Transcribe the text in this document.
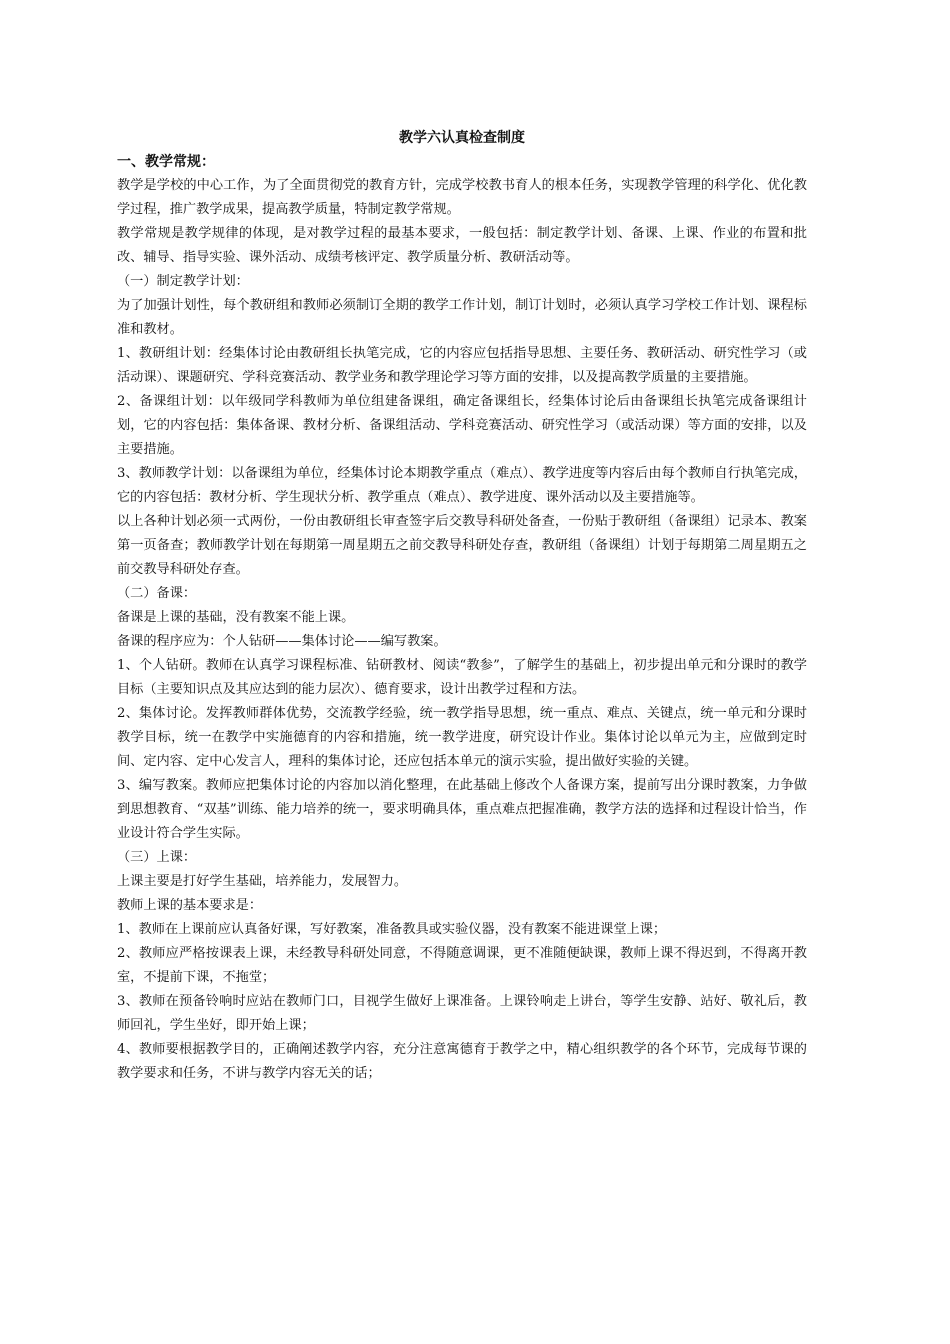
教学六认真检查制度
一、教学常规：

教学是学校的中心工作，为了全面贯彻党的教育方针，完成学校教书育人的根本任务，实现教学管理的科学化、优化教学过程，推广教学成果，提高教学质量，特制定教学常规。

教学常规是教学规律的体现，是对教学过程的最基本要求，一般包括：制定教学计划、备课、上课、作业的布置和批改、辅导、指导实验、课外活动、成绩考核评定、教学质量分析、教研活动等。

（一）制定教学计划：

为了加强计划性，每个教研组和教师必须制订全期的教学工作计划，制订计划时，必须认真学习学校工作计划、课程标准和教材。

1、教研组计划：经集体讨论由教研组长执笔完成，它的内容应包括指导思想、主要任务、教研活动、研究性学习（或活动课）、课题研究、学科竞赛活动、教学业务和教学理论学习等方面的安排，以及提高教学质量的主要措施。

2、备课组计划：以年级同学科教师为单位组建备课组，确定备课组长，经集体讨论后由备课组长执笔完成备课组计划，它的内容包括：集体备课、教材分析、备课组活动、学科竞赛活动、研究性学习（或活动课）等方面的安排，以及主要措施。

3、教师教学计划：以备课组为单位，经集体讨论本期教学重点（难点）、教学进度等内容后由每个教师自行执笔完成，它的内容包括：教材分析、学生现状分析、教学重点（难点）、教学进度、课外活动以及主要措施等。

以上各种计划必须一式两份，一份由教研组长审查签字后交教导科研处备查，一份贴于教研组（备课组）记录本、教案第一页备查；教师教学计划在每期第一周星期五之前交教导科研处存查，教研组（备课组）计划于每期第二周星期五之前交教导科研处存查。

（二）备课：

备课是上课的基础，没有教案不能上课。

备课的程序应为：个人钻研——集体讨论——编写教案。

1、个人钻研。教师在认真学习课程标准、钻研教材、阅读“教参”，了解学生的基础上，初步提出单元和分课时的教学目标（主要知识点及其应达到的能力层次）、德育要求，设计出教学过程和方法。

2、集体讨论。发挥教师群体优势，交流教学经验，统一教学指导思想，统一重点、难点、关键点，统一单元和分课时教学目标，统一在教学中实施德育的内容和措施，统一教学进度，研究设计作业。集体讨论以单元为主，应做到定时间、定内容、定中心发言人，理科的集体讨论，还应包括本单元的演示实验，提出做好实验的关键。

3、编写教案。教师应把集体讨论的内容加以消化整理，在此基础上修改个人备课方案，提前写出分课时教案，力争做到思想教育、“双基”训练、能力培养的统一，要求明确具体，重点难点把握准确，教学方法的选择和过程设计恰当，作业设计符合学生实际。

（三）上课：

上课主要是打好学生基础，培养能力，发展智力。

教师上课的基本要求是：

1、教师在上课前应认真备好课，写好教案，准备教具或实验仪器，没有教案不能进课堂上课；

2、教师应严格按课表上课，未经教导科研处同意，不得随意调课，更不准随便缺课，教师上课不得迟到，不得离开教室，不提前下课，不拖堂；

3、教师在预备铃响时应站在教师门口，目视学生做好上课准备。上课铃响走上讲台，等学生安静、站好、敬礼后，教师回礼，学生坐好，即开始上课；

4、教师要根据教学目的，正确阐述教学内容，充分注意寓德育于教学之中，精心组织教学的各个环节，完成每节课的教学要求和任务，不讲与教学内容无关的话；
